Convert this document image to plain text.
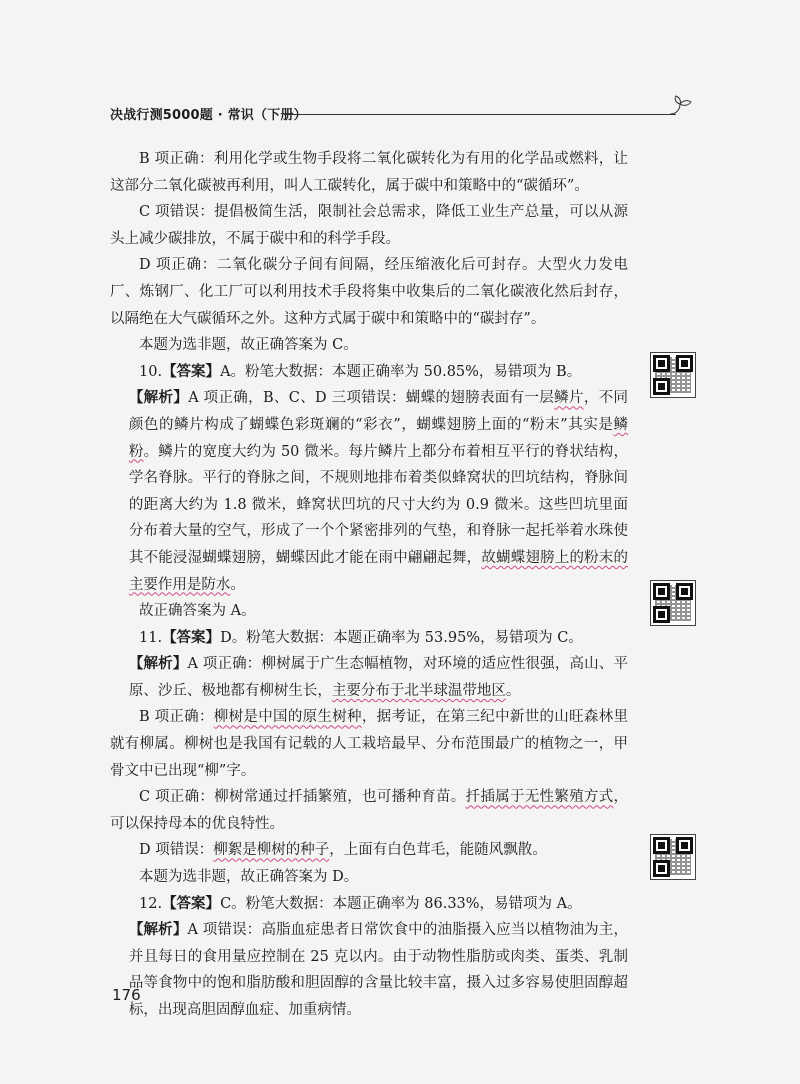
决战行测5000题 · 常识（下册）

B 项正确：利用化学或生物手段将二氧化碳转化为有用的化学品或燃料，让这部分二氧化碳被再利用，叫人工碳转化，属于碳中和策略中的“碳循环”。

C 项错误：提倡极简生活，限制社会总需求，降低工业生产总量，可以从源头上减少碳排放，不属于碳中和的科学手段。

D 项正确：二氧化碳分子间有间隔，经压缩液化后可封存。大型火力发电厂、炼钢厂、化工厂可以利用技术手段将集中收集后的二氧化碳液化然后封存，以隔绝在大气碳循环之外。这种方式属于碳中和策略中的“碳封存”。

本题为选非题，故正确答案为 C。

10.【答案】A。粉笔大数据：本题正确率为 50.85%，易错项为 B。

【解析】A 项正确，B、C、D 三项错误：蝴蝶的翅膀表面有一层鳞片，不同颜色的鳞片构成了蝴蝶色彩斑斓的“彩衣”，蝴蝶翅膀上面的“粉末”其实是鳞粉。鳞片的宽度大约为 50 微米。每片鳞片上都分布着相互平行的脊状结构，学名脊脉。平行的脊脉之间，不规则地排布着类似蜂窝状的凹坑结构，脊脉间的距离大约为 1.8 微米，蜂窝状凹坑的尺寸大约为 0.9 微米。这些凹坑里面分布着大量的空气，形成了一个个紧密排列的气垫，和脊脉一起托举着水珠使其不能浸湿蝴蝶翅膀，蝴蝶因此才能在雨中翩翩起舞，故蝴蝶翅膀上的粉末的主要作用是防水。

故正确答案为 A。

11.【答案】D。粉笔大数据：本题正确率为 53.95%，易错项为 C。

【解析】A 项正确：柳树属于广生态幅植物，对环境的适应性很强，高山、平原、沙丘、极地都有柳树生长，主要分布于北半球温带地区。

B 项正确：柳树是中国的原生树种，据考证，在第三纪中新世的山旺森林里就有柳属。柳树也是我国有记载的人工栽培最早、分布范围最广的植物之一，甲骨文中已出现“柳”字。

C 项正确：柳树常通过扦插繁殖，也可播种育苗。扦插属于无性繁殖方式，可以保持母本的优良特性。

D 项错误：柳絮是柳树的种子，上面有白色茸毛，能随风飘散。

本题为选非题，故正确答案为 D。

12.【答案】C。粉笔大数据：本题正确率为 86.33%，易错项为 A。

【解析】A 项错误：高脂血症患者日常饮食中的油脂摄入应当以植物油为主，并且每日的食用量应控制在 25 克以内。由于动物性脂肪或肉类、蛋类、乳制品等食物中的饱和脂肪酸和胆固醇的含量比较丰富，摄入过多容易使胆固醇超标，出现高胆固醇血症、加重病情。

176
